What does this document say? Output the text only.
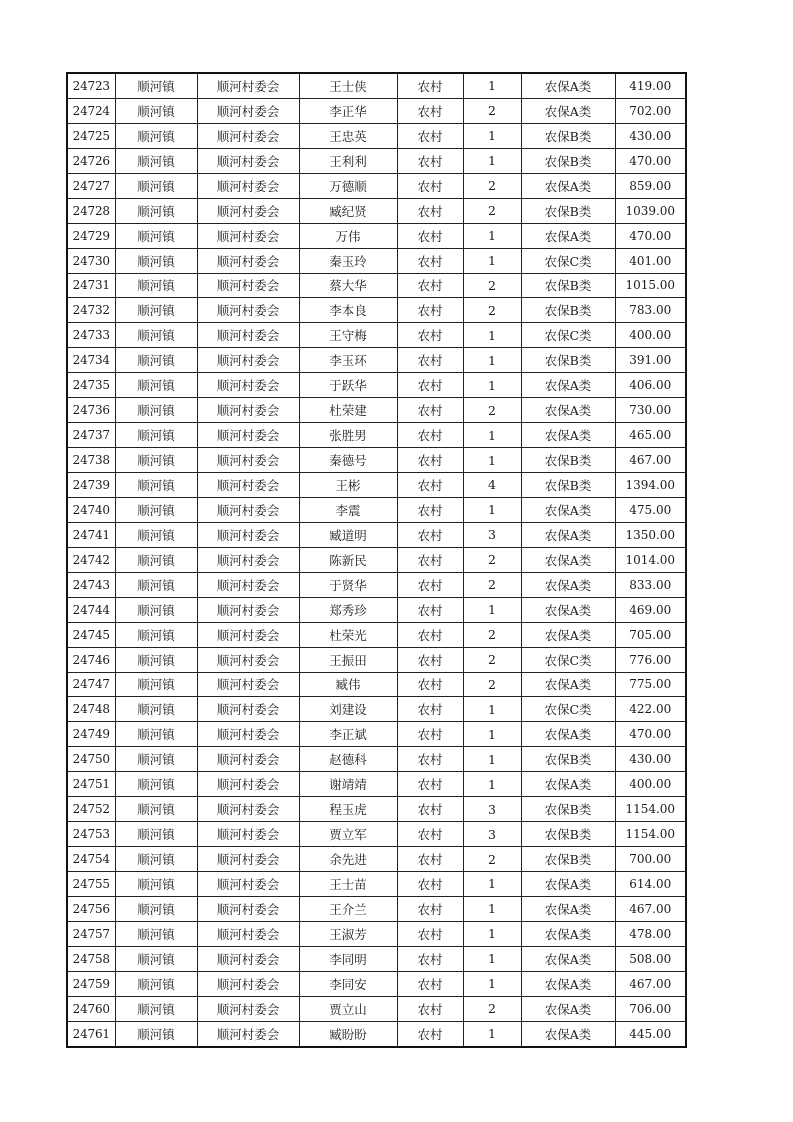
24723	顺河镇	顺河村委会	王士侠	农村	1	农保A类	419.00
24724	顺河镇	顺河村委会	李正华	农村	2	农保A类	702.00
24725	顺河镇	顺河村委会	王忠英	农村	1	农保B类	430.00
24726	顺河镇	顺河村委会	王利利	农村	1	农保B类	470.00
24727	顺河镇	顺河村委会	万德顺	农村	2	农保A类	859.00
24728	顺河镇	顺河村委会	臧纪贤	农村	2	农保B类	1039.00
24729	顺河镇	顺河村委会	万伟	农村	1	农保A类	470.00
24730	顺河镇	顺河村委会	秦玉玲	农村	1	农保C类	401.00
24731	顺河镇	顺河村委会	蔡大华	农村	2	农保B类	1015.00
24732	顺河镇	顺河村委会	李本良	农村	2	农保B类	783.00
24733	顺河镇	顺河村委会	王守梅	农村	1	农保C类	400.00
24734	顺河镇	顺河村委会	李玉环	农村	1	农保B类	391.00
24735	顺河镇	顺河村委会	于跃华	农村	1	农保A类	406.00
24736	顺河镇	顺河村委会	杜荣建	农村	2	农保A类	730.00
24737	顺河镇	顺河村委会	张胜男	农村	1	农保A类	465.00
24738	顺河镇	顺河村委会	秦德号	农村	1	农保B类	467.00
24739	顺河镇	顺河村委会	王彬	农村	4	农保B类	1394.00
24740	顺河镇	顺河村委会	李震	农村	1	农保A类	475.00
24741	顺河镇	顺河村委会	臧道明	农村	3	农保A类	1350.00
24742	顺河镇	顺河村委会	陈新民	农村	2	农保A类	1014.00
24743	顺河镇	顺河村委会	于贤华	农村	2	农保A类	833.00
24744	顺河镇	顺河村委会	郑秀珍	农村	1	农保A类	469.00
24745	顺河镇	顺河村委会	杜荣光	农村	2	农保A类	705.00
24746	顺河镇	顺河村委会	王振田	农村	2	农保C类	776.00
24747	顺河镇	顺河村委会	臧伟	农村	2	农保A类	775.00
24748	顺河镇	顺河村委会	刘建设	农村	1	农保C类	422.00
24749	顺河镇	顺河村委会	李正斌	农村	1	农保A类	470.00
24750	顺河镇	顺河村委会	赵德科	农村	1	农保B类	430.00
24751	顺河镇	顺河村委会	谢靖靖	农村	1	农保A类	400.00
24752	顺河镇	顺河村委会	程玉虎	农村	3	农保B类	1154.00
24753	顺河镇	顺河村委会	贾立军	农村	3	农保B类	1154.00
24754	顺河镇	顺河村委会	余先进	农村	2	农保B类	700.00
24755	顺河镇	顺河村委会	王士苗	农村	1	农保A类	614.00
24756	顺河镇	顺河村委会	王介兰	农村	1	农保A类	467.00
24757	顺河镇	顺河村委会	王淑芳	农村	1	农保A类	478.00
24758	顺河镇	顺河村委会	李同明	农村	1	农保A类	508.00
24759	顺河镇	顺河村委会	李同安	农村	1	农保A类	467.00
24760	顺河镇	顺河村委会	贾立山	农村	2	农保A类	706.00
24761	顺河镇	顺河村委会	臧盼盼	农村	1	农保A类	445.00
